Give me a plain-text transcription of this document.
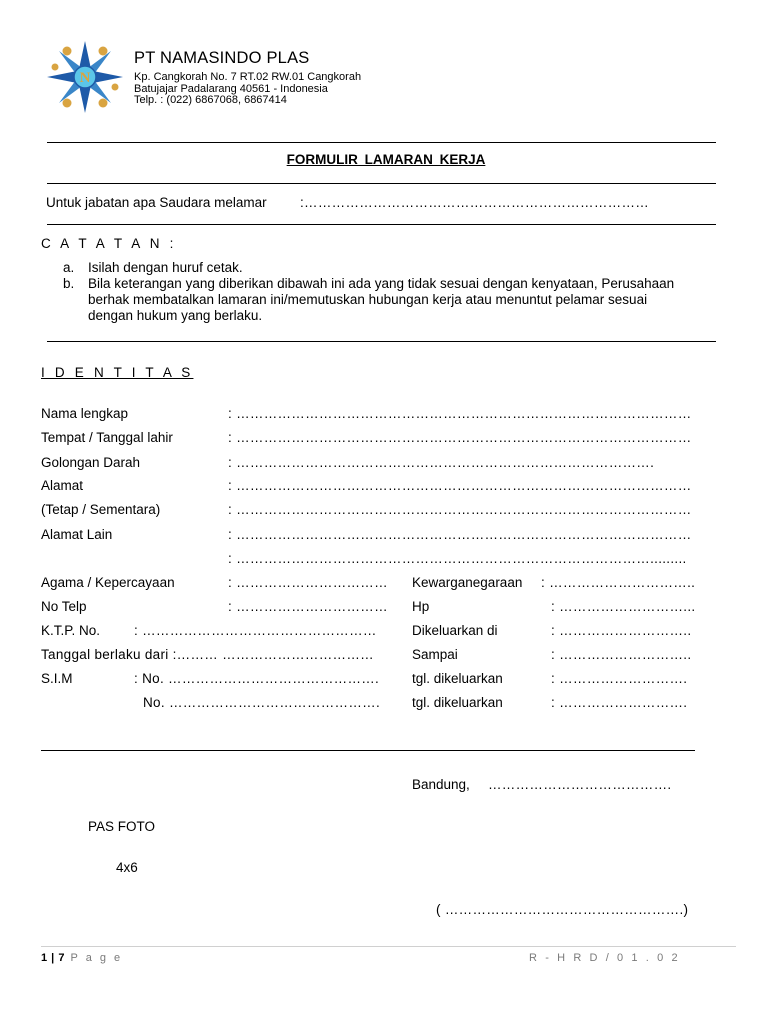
N
PT NAMASINDO PLAS
Kp. Cangkorah No. 7 RT.02 RW.01 Cangkorah
Batujajar Padalarang 40561 - Indonesia
Telp. : (022) 6867068, 6867414
FORMULIR LAMARAN KERJA
Untuk jabatan apa Saudara melamar :…………………………………………………………………
C A T A T A N :
a. Isilah dengan huruf cetak.
b. Bila keterangan yang diberikan dibawah ini ada yang tidak sesuai dengan kenyataan, Perusahaan
berhak membatalkan lamaran ini/memutuskan hubungan kerja atau menuntut pelamar sesuai
dengan hukum yang berlaku.
I D E N T I T A S
Nama lengkap	: ………………………………………………………………………………………
Tempat / Tanggal lahir	: ………………………………………………………………………………………
Golongan Darah	: ……………………………………………………………………………….
Alamat	: ………………………………………………………………………………………
(Tetap / Sementara)	: ………………………………………………………………………………………
Alamat Lain	: ………………………………………………………………………………………
: ……………………………………………………………………………….........
Agama / Kepercayaan	: …………………………… Kewarganegaraan : …………………………..
No Telp	: …………………………… Hp	: ………………………...
K.T.P. No.	: ……………………………………………	Dikeluarkan di	: ………………………..
Tanggal berlaku dari :……… ……………………………	Sampai	: ………………………..
S.I.M	: No. ………………………………………. tgl. dikeluarkan	: ……………………….
No. ………………………………………. tgl. dikeluarkan	: ……………………….
Bandung, ………………………………….
PAS FOTO
4x6
( …………………………………………….)
1 | 7 P a g e	R - H R D / 0 1 . 0 2
